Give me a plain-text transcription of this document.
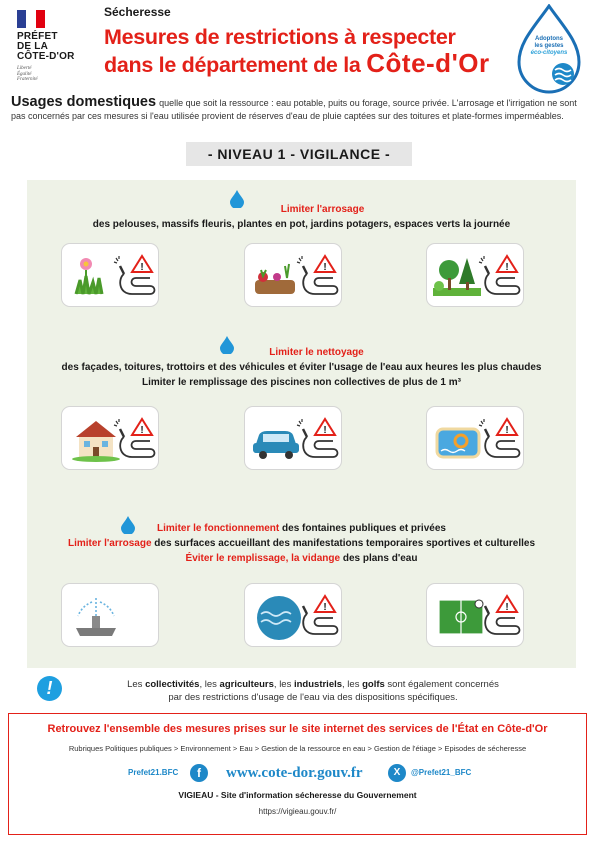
PRÉFET
DE LA
CÔTE-D'OR
Liberté
Égalité
Fraternité
Sécheresse
Mesures de restrictions à respecter
dans le département de la Côte-d'Or
Adoptons
les gestes
éco-citoyens
Usages domestiques quelle que soit la ressource : eau potable, puits ou forage, source privée. L'arrosage et l'irrigation ne sont pas concernés par ces mesures si l'eau utilisée provient de réserves d'eau de pluie captées sur des toitures et plate-formes imperméables.
- NIVEAU 1 - VIGILANCE -
Limiter l'arrosage
des pelouses, massifs fleuris, plantes en pot, jardins potagers, espaces verts la journée
Limiter le nettoyage
des façades, toitures, trottoirs et des véhicules et éviter l'usage de l'eau aux heures les plus chaudes
Limiter le remplissage des piscines non collectives de plus de 1 m³
Limiter le fonctionnement des fontaines publiques et privées
Limiter l'arrosage des surfaces accueillant des manifestations temporaires sportives et culturelles
Éviter le remplissage, la vidange des plans d'eau
!	!	!
!	!	!
!	!
!	Les collectivités, les agriculteurs, les industriels, les golfs sont également concernés
par des restrictions d'usage de l'eau via des dispositions spécifiques.
Retrouvez l'ensemble des mesures prises sur le site internet des services de l'État en Côte-d'Or
Rubriques Politiques publiques > Environnement > Eau > Gestion de la ressource en eau > Gestion de l'étiage > Episodes de sécheresse
Prefet21.BFC	f	www.cote-dor.gouv.fr	X	@Prefet21_BFC
VIGIEAU - Site d'information sécheresse du Gouvernement
https://vigieau.gouv.fr/
